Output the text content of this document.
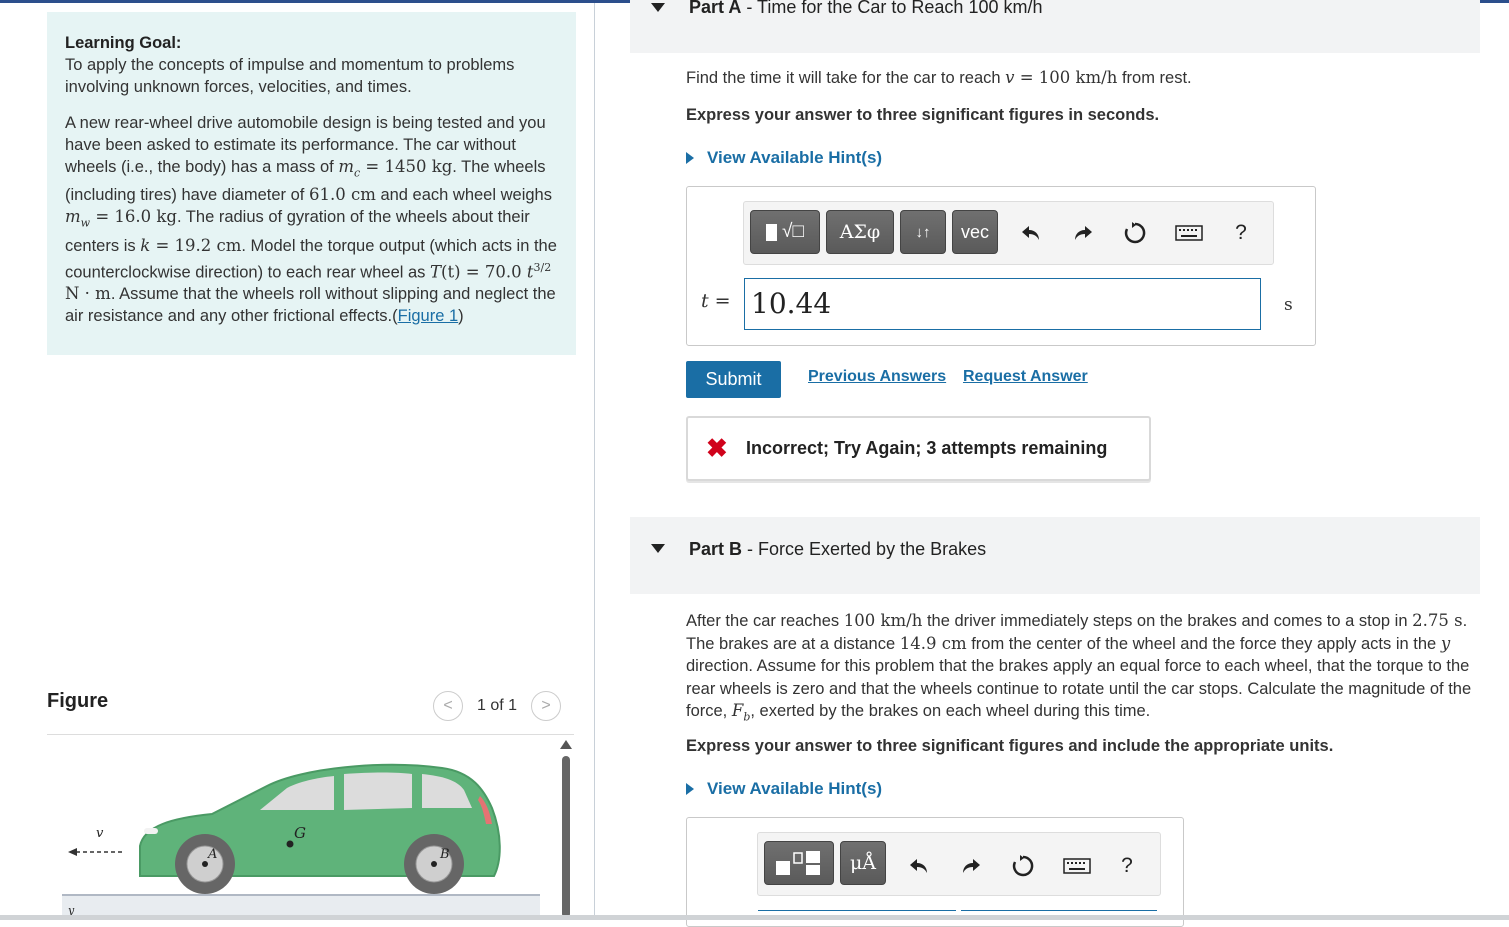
Learning Goal:
To apply the concepts of impulse and momentum to problems involving unknown forces, velocities, and times.

A new rear-wheel drive automobile design is being tested and you have been asked to estimate its performance. The car without wheels (i.e., the body) has a mass of $m_c = 1450$ kg. The wheels (including tires) have diameter of 61.0 cm and each wheel weighs $m_w = 16.0$ kg. The radius of gyration of the wheels about their centers is k = 19.2 cm. Model the torque output (which acts in the counterclockwise direction) to each rear wheel as T(t) = 70.0 $t^{3/2}$ N · m. Assume that the wheels roll without slipping and neglect the air resistance and any other frictional effects.(Figure 1)

Figure	< 1 of 1 >
G
A	B
v
y
Part A - Time for the Car to Reach 100 km/h
Find the time it will take for the car to reach v = 100 km/h from rest.
Express your answer to three significant figures in seconds.
View Available Hint(s)
√□	ΑΣφ	↓↑	vec	?
t = 10.44	s
Submit	Previous Answers Request Answer
✖ Incorrect; Try Again; 3 attempts remaining
Part B - Force Exerted by the Brakes
After the car reaches 100 km/h the driver immediately steps on the brakes and comes to a stop in 2.75 s. The brakes are at a distance 14.9 cm from the center of the wheel and the force they apply acts in the y direction. Assume for this problem that the brakes apply an equal force to each wheel, that the torque to the rear wheels is zero and that the wheels continue to rotate until the car stops. Calculate the magnitude of the force, $F_b$, exerted by the brakes on each wheel during this time.
Express your answer to three significant figures and include the appropriate units.
View Available Hint(s)
μÅ	?
